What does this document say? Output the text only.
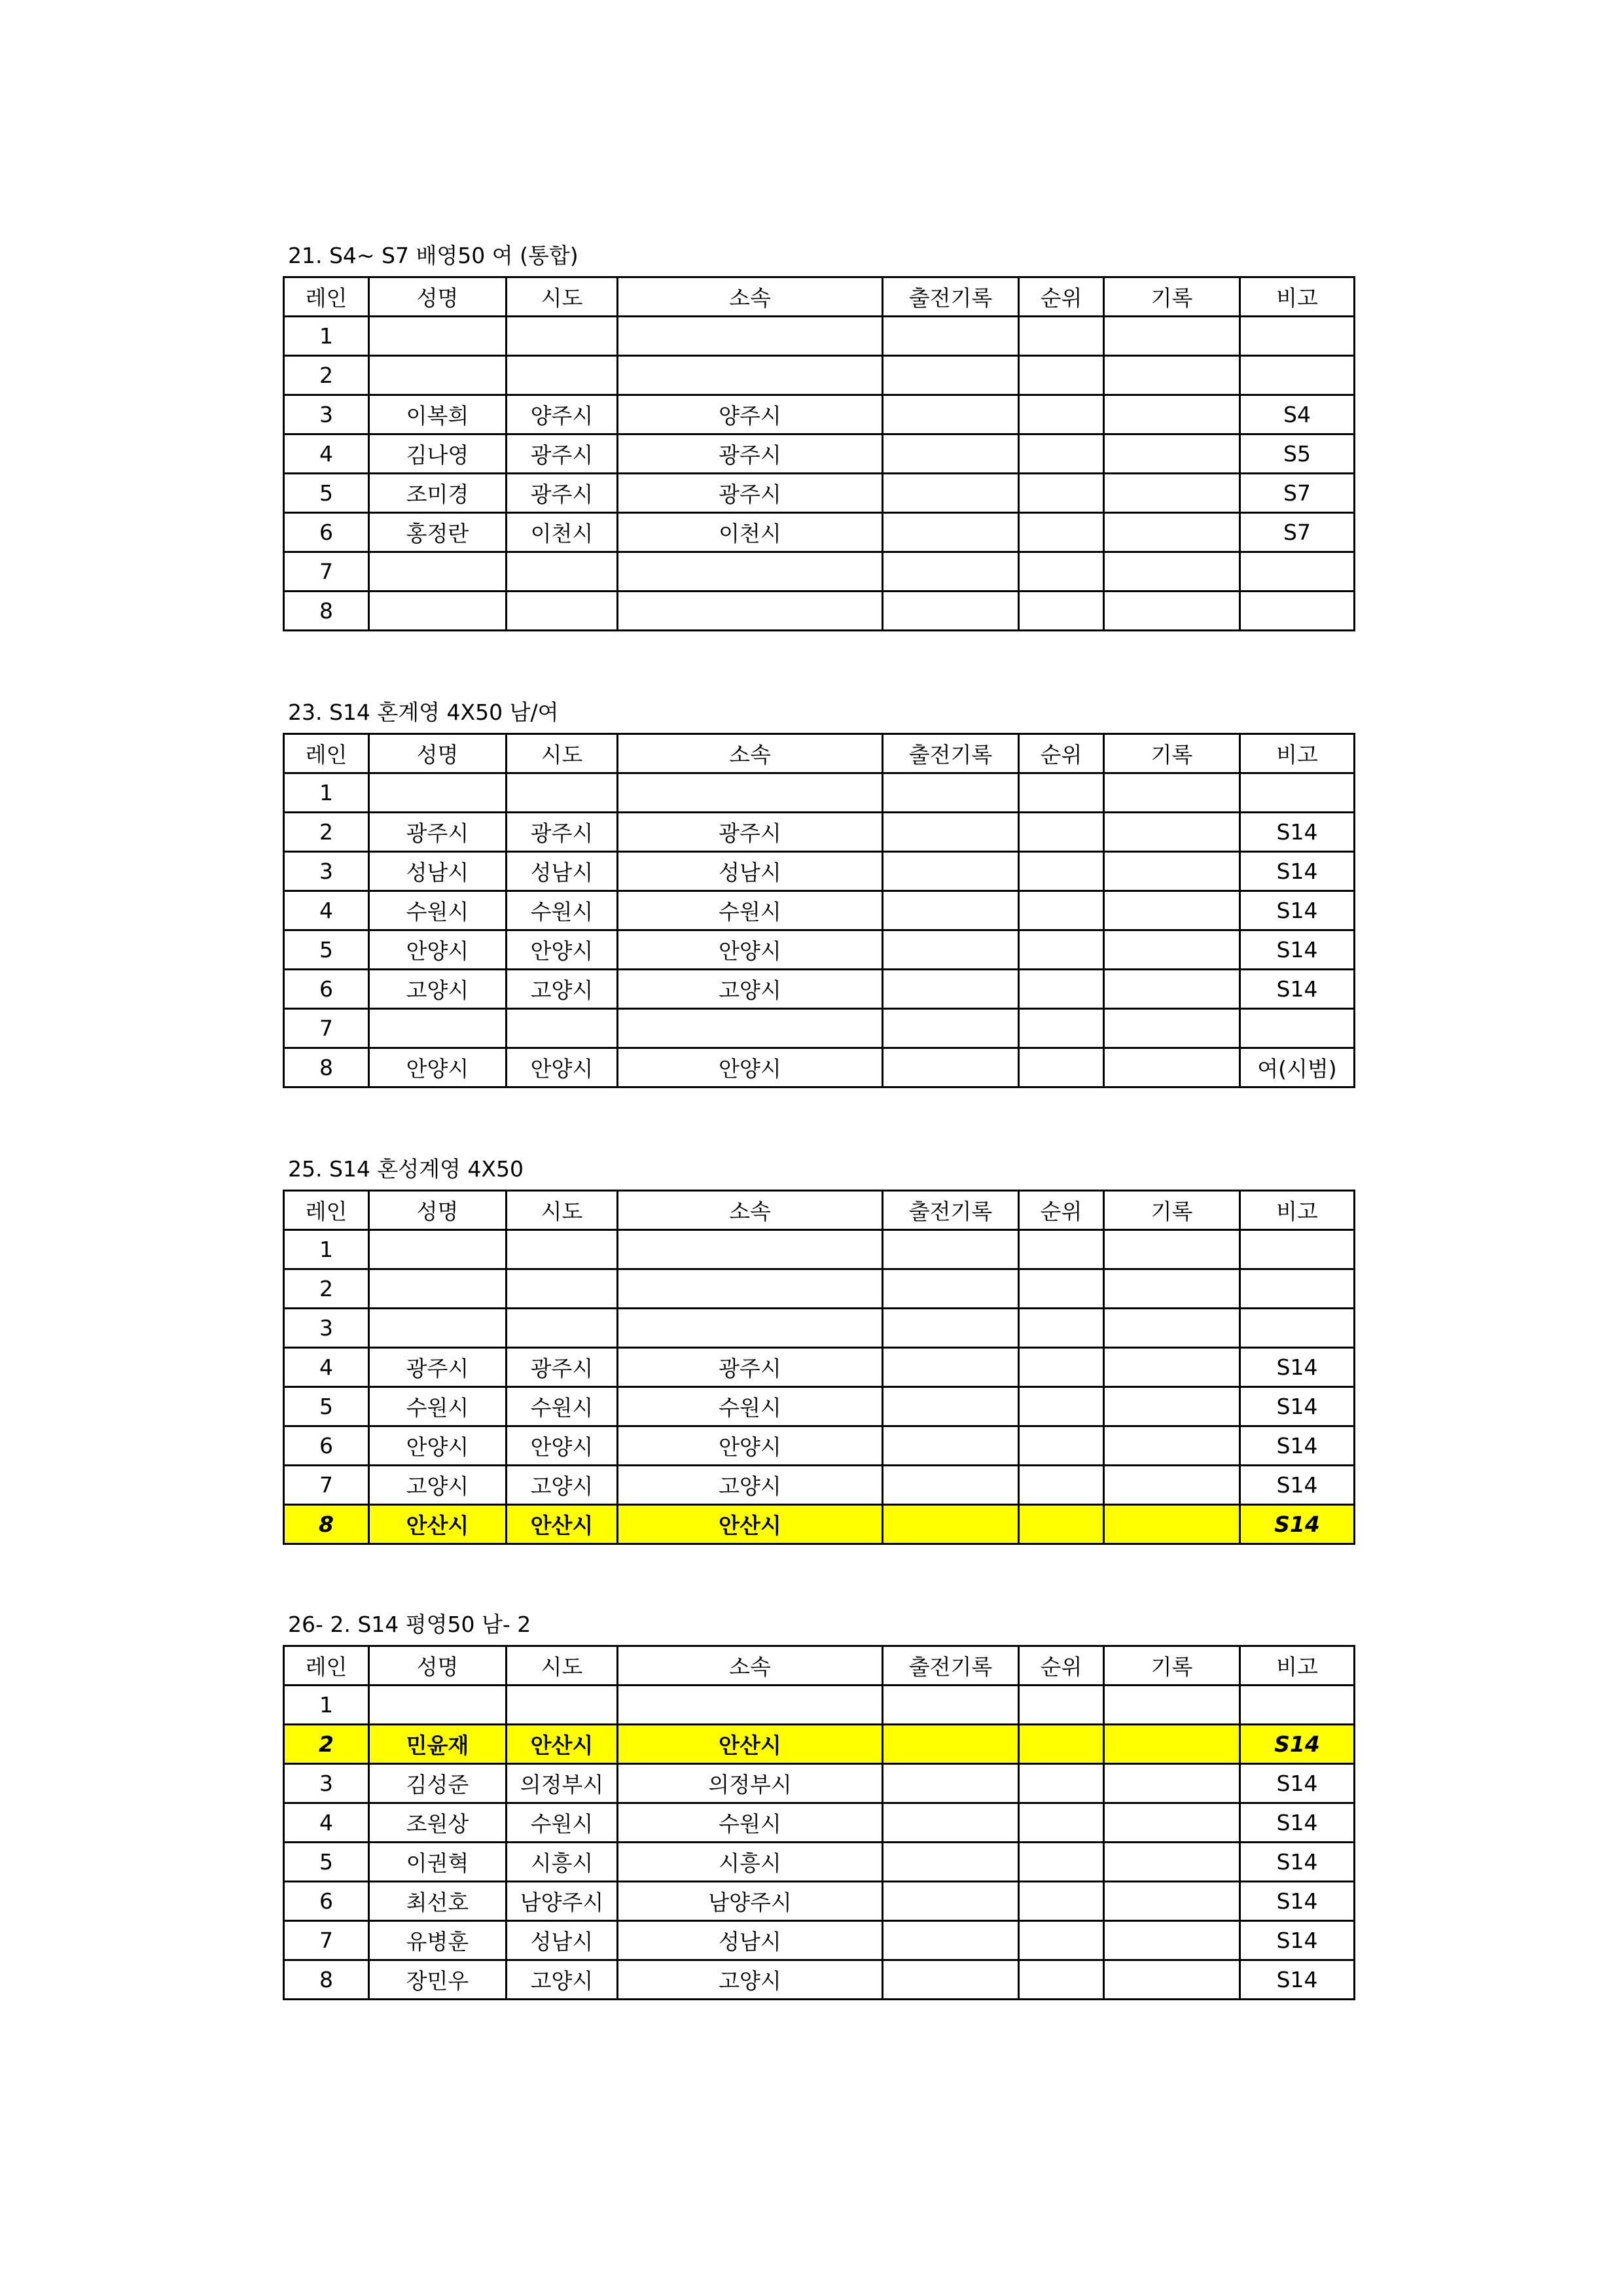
21. S4~ S7 배영50 여 (통합)
레인	성명	시도	소속	출전기록	순위	기록	비고
1							
2							
3	이복희	양주시	양주시				S4
4	김나영	광주시	광주시				S5
5	조미경	광주시	광주시				S7
6	홍정란	이천시	이천시				S7
7							
8							
23. S14 혼계영 4X50 남/여
레인	성명	시도	소속	출전기록	순위	기록	비고
1							
2	광주시	광주시	광주시				S14
3	성남시	성남시	성남시				S14
4	수원시	수원시	수원시				S14
5	안양시	안양시	안양시				S14
6	고양시	고양시	고양시				S14
7							
8	안양시	안양시	안양시				여(시범)
25. S14 혼성계영 4X50
레인	성명	시도	소속	출전기록	순위	기록	비고
1							
2							
3							
4	광주시	광주시	광주시				S14
5	수원시	수원시	수원시				S14
6	안양시	안양시	안양시				S14
7	고양시	고양시	고양시				S14
8	안산시	안산시	안산시				S14
26- 2. S14 평영50 남- 2
레인	성명	시도	소속	출전기록	순위	기록	비고
1							
2	민윤재	안산시	안산시				S14
3	김성준	의정부시	의정부시				S14
4	조원상	수원시	수원시				S14
5	이권혁	시흥시	시흥시				S14
6	최선호	남양주시	남양주시				S14
7	유병훈	성남시	성남시				S14
8	장민우	고양시	고양시				S14
